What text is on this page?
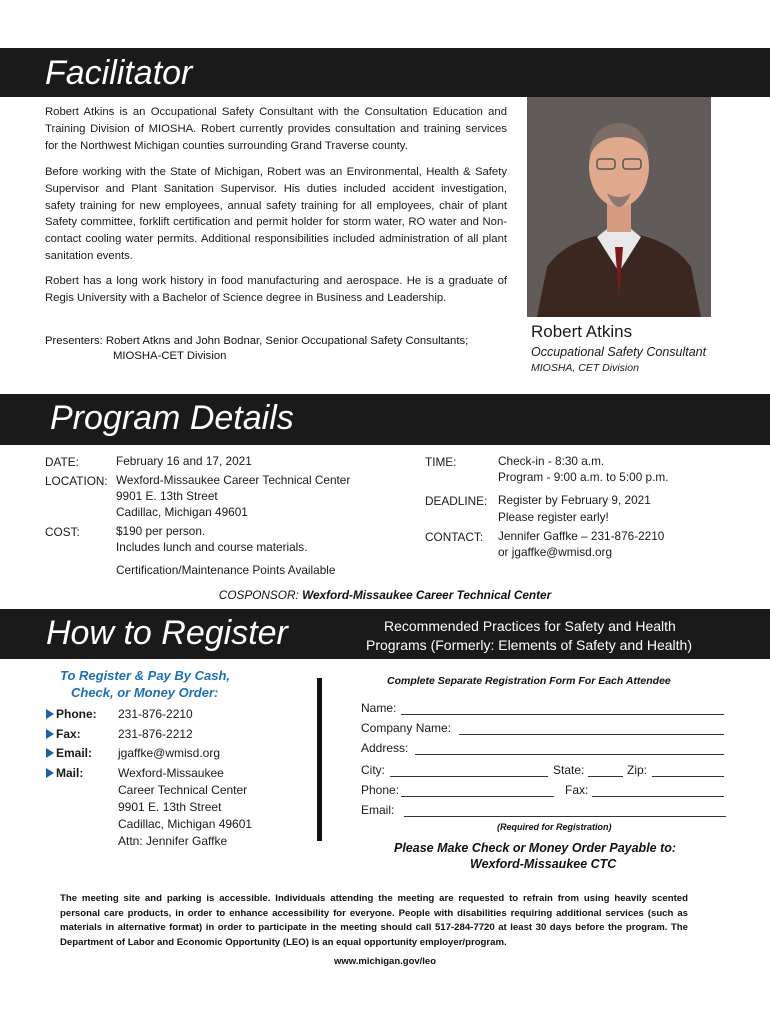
Facilitator

Robert Atkins is an Occupational Safety Consultant with the Consultation Education and Training Division of MIOSHA. Robert currently provides consultation and training services for the Northwest Michigan counties surrounding Grand Traverse county.

Before working with the State of Michigan, Robert was an Environmental, Health & Safety Supervisor and Plant Sanitation Supervisor. His duties included accident investigation, safety training for new employees, annual safety training for all employees, chair of plant Safety committee, forklift certification and permit holder for storm water, RO water and Non-contact cooling water permits. Additional responsibilities included administration of all plant sanitation events.

Robert has a long work history in food manufacturing and aerospace. He is a graduate of Regis University with a Bachelor of Science degree in Business and Leadership.

Presenters: Robert Atkns and John Bodnar, Senior Occupational Safety Consultants;
MIOSHA-CET Division
Robert Atkins
Occupational Safety Consultant
MIOSHA, CET Division
Program Details
DATE:	February 16 and 17, 2021
LOCATION: Wexford-Missaukee Career Technical Center
9901 E. 13th Street
Cadillac, Michigan 49601
COST:	$190 per person.
Includes lunch and course materials.
Certification/Maintenance Points Available
TIME:	Check-in - 8:30 a.m.
Program - 9:00 a.m. to 5:00 p.m.
DEADLINE: Register by February 9, 2021
Please register early!
CONTACT: Jennifer Gaffke – 231-876-2210
or jgaffke@wmisd.org
COSPONSOR: Wexford-Missaukee Career Technical Center
How to Register	Recommended Practices for Safety and Health
Programs (Formerly: Elements of Safety and Health)
To Register & Pay By Cash,
Check, or Money Order:
Phone: 231-876-2210
Fax:	231-876-2212
Email: jgaffke@wmisd.org
Mail:	Wexford-Missaukee
Career Technical Center
9901 E. 13th Street
Cadillac, Michigan 49601
Attn: Jennifer Gaffke
Complete Separate Registration Form For Each Attendee
Name:
Company Name:
Address:
City:	State:	Zip:
Phone:	Fax:
Email:
(Required for Registration)
Please Make Check or Money Order Payable to:
Wexford-Missaukee CTC

The meeting site and parking is accessible. Individuals attending the meeting are requested to refrain from using heavily scented personal care products, in order to enhance accessibility for everyone. People with disabilities requiring additional services (such as materials in alternative format) in order to participate in the meeting should call 517-284-7720 at least 30 days before the program. The Department of Labor and Economic Opportunity (LEO) is an equal opportunity employer/program.

www.michigan.gov/leo
